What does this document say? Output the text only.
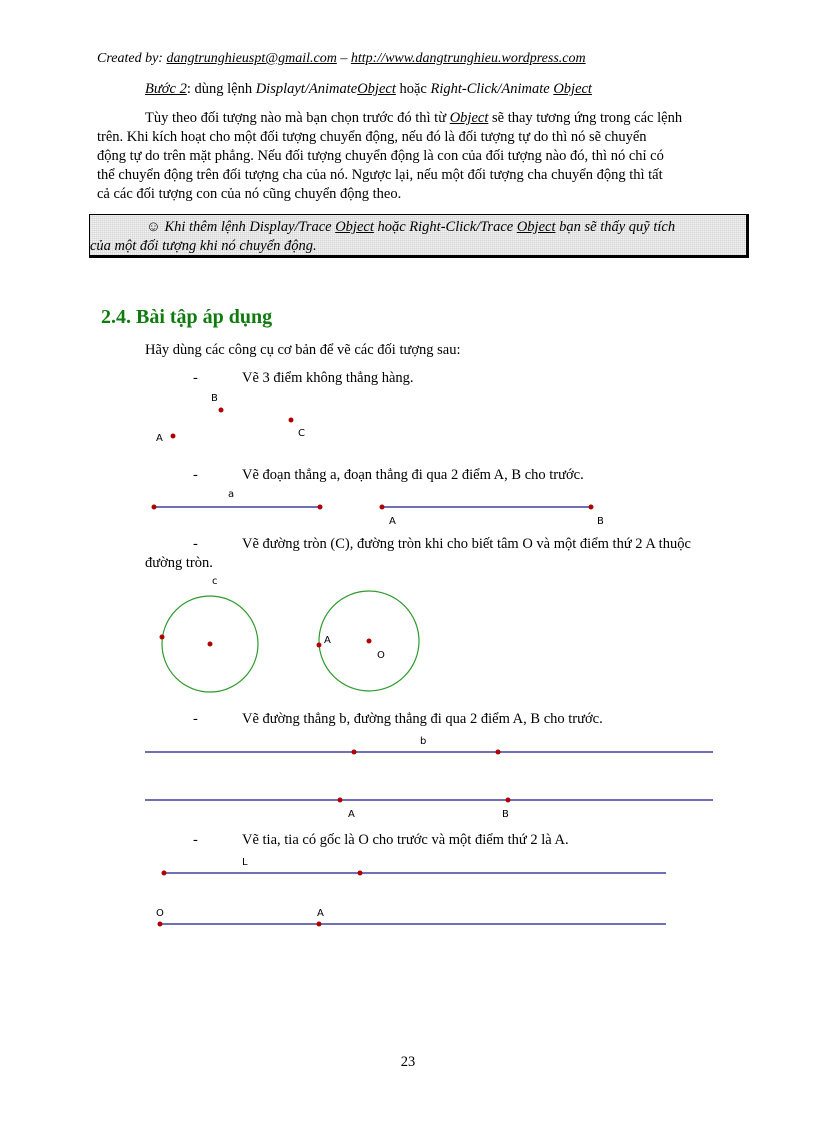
Created by: dangtrunghieuspt@gmail.com – http://www.dangtrunghieu.wordpress.com
Bước 2: dùng lệnh Displayt/AnimateObject hoặc Right-Click/Animate Object
Tùy theo đối tượng nào mà bạn chọn trước đó thì từ Object sẽ thay tương ứng trong các lệnh
trên. Khi kích hoạt cho một đối tượng chuyển động, nếu đó là đối tượng tự do thì nó sẽ chuyển
động tự do trên mặt phẳng. Nếu đối tượng chuyển động là con của đối tượng nào đó, thì nó chỉ có
thể chuyển động trên đối tượng cha của nó. Ngược lại, nếu một đối tượng cha chuyển động thì tất
cả các đối tượng con của nó cũng chuyển động theo.
☺ Khi thêm lệnh Display/Trace Object hoặc Right-Click/Trace Object bạn sẽ thấy quỹ tích
của một đối tượng khi nó chuyển động.
2.4. Bài tập áp dụng
Hãy dùng các công cụ cơ bản để vẽ các đối tượng sau:
-	Vẽ 3 điểm không thẳng hàng.
B
A	C
-	Vẽ đoạn thẳng a, đoạn thẳng đi qua 2 điểm A, B cho trước.
a
A	B
-	Vẽ đường tròn (C), đường tròn khi cho biết tâm O và một điểm thứ 2 A thuộc
đường tròn.
c
A
O
-	Vẽ đường thẳng b, đường thẳng đi qua 2 điểm A, B cho trước.
b
A	B
-	Vẽ tia, tia có gốc là O cho trước và một điểm thứ 2 là A.
L
O	A
23
